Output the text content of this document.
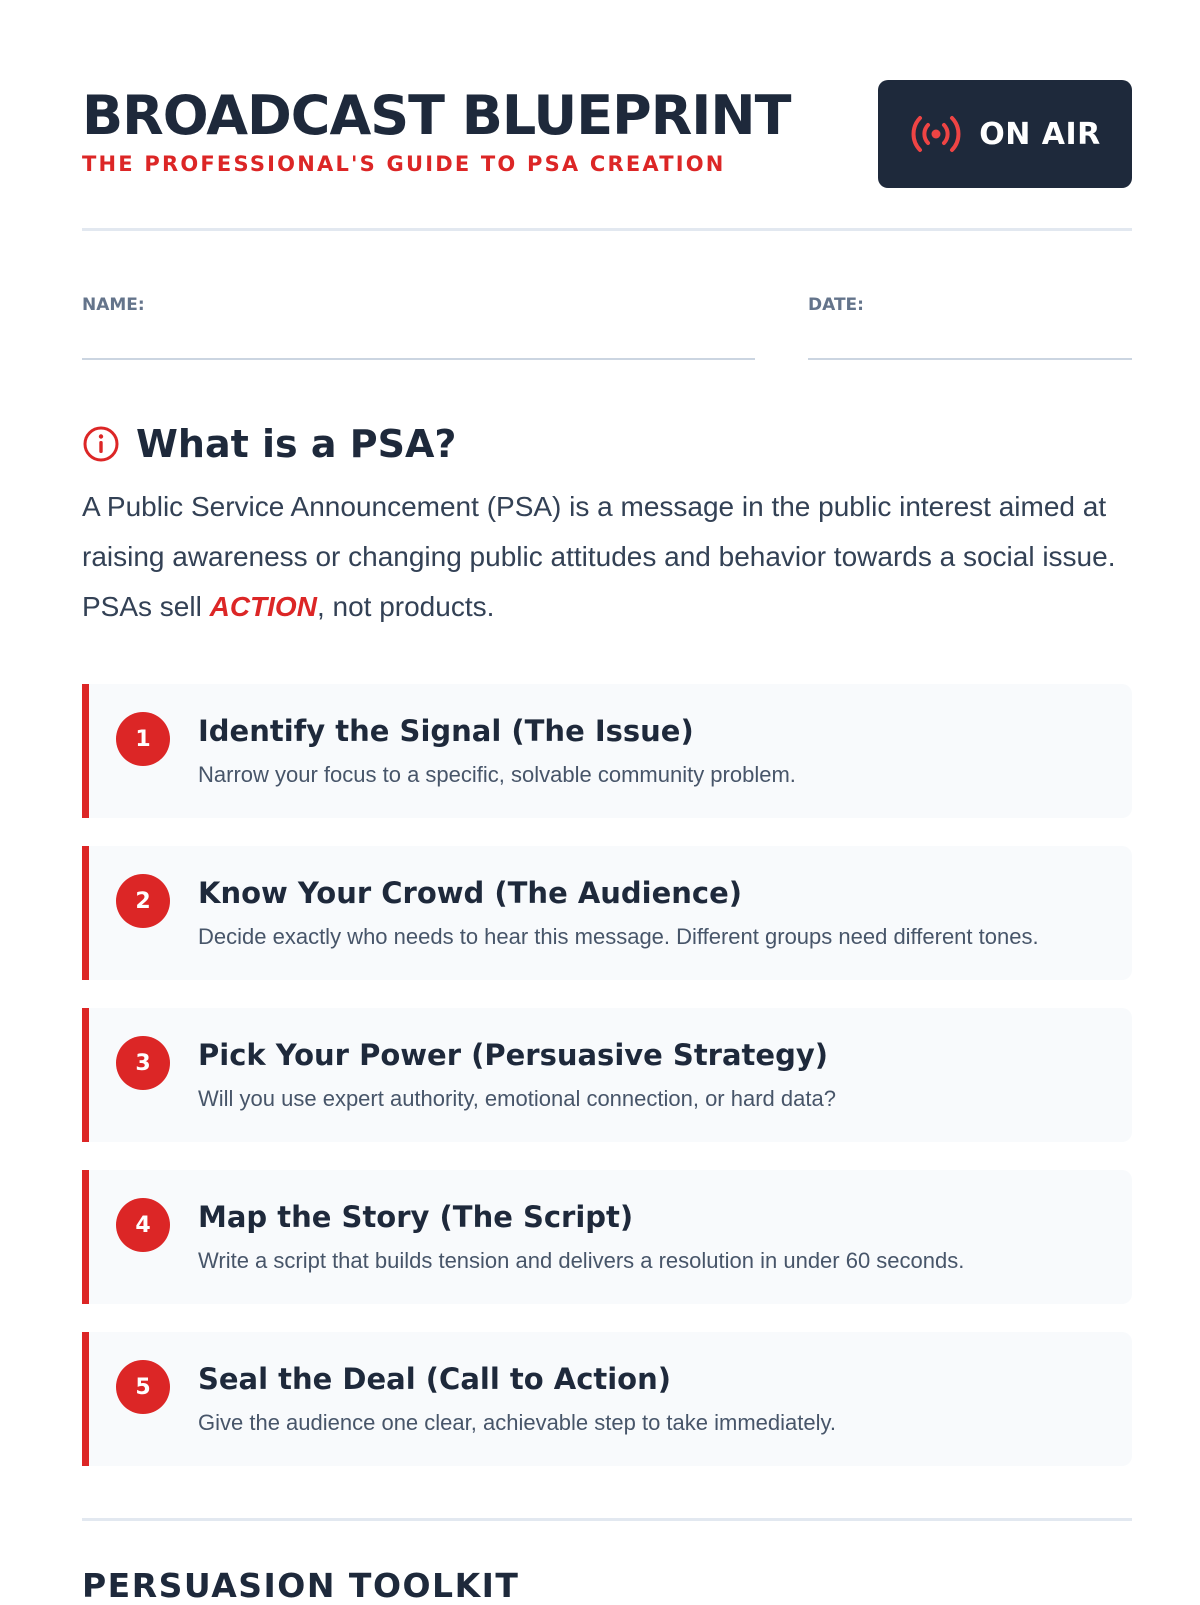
BROADCAST BLUEPRINT
THE PROFESSIONAL'S GUIDE TO PSA CREATION
ON AIR
NAME:	DATE:
What is a PSA?
A Public Service Announcement (PSA) is a message in the public interest aimed at raising awareness or changing public attitudes and behavior towards a social issue. PSAs sell ACTION, not products.
1	Identify the Signal (The Issue)
Narrow your focus to a specific, solvable community problem.
2	Know Your Crowd (The Audience)
Decide exactly who needs to hear this message. Different groups need different tones.
3	Pick Your Power (Persuasive Strategy)
Will you use expert authority, emotional connection, or hard data?
4	Map the Story (The Script)
Write a script that builds tension and delivers a resolution in under 60 seconds.
5	Seal the Deal (Call to Action)
Give the audience one clear, achievable step to take immediately.
PERSUASION TOOLKIT
